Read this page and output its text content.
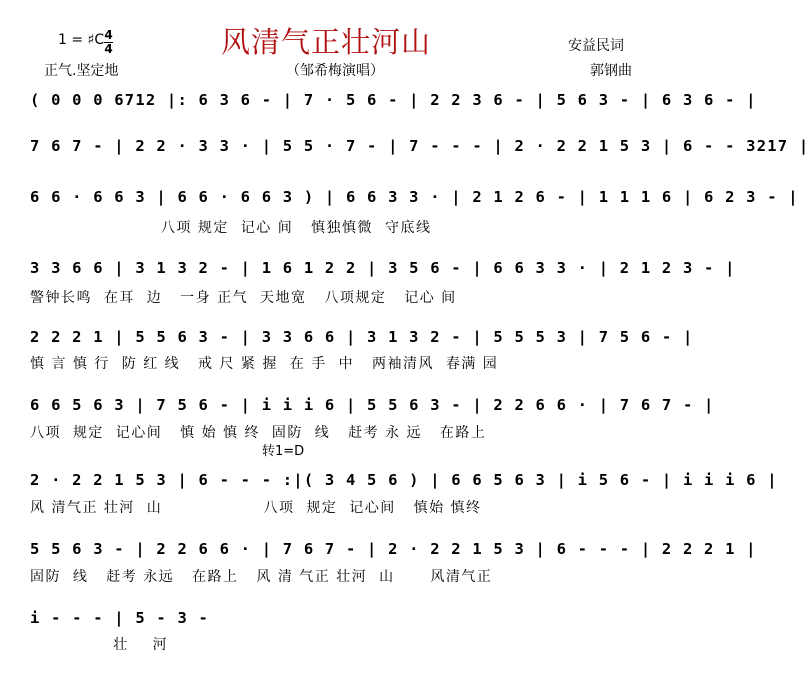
1 = ♯C 4
4	风清气正壮河山	安益民词
郭钢曲
正气.坚定地	（邹希梅演唱）
( 0 0 0 6712 |: 6 3 6 - | 7 · 5 6 - | 2 2 3 6 - | 5 6 3 - | 6 3 6 - |
7 6 7 - | 2 2 · 3 3 · | 5 5 · 7 - | 7 - - - | 2 · 2 2 1 5 3 | 6 - - 3217 |
6 6 · 6 6 3 | 6 6 · 6 6 3 ) | 6 6 3 3 · | 2 1 2 6 - | 1 1 1 6 | 6 2 3 - |
八项 规定  记心 间   慎独慎微  守底线
3 3 6 6 | 3 1 3 2 - | 1 6 1 2 2 | 3 5 6 - | 6 6 3 3 · | 2 1 2 3 - |
警钟长鸣  在耳  边   一身 正气  天地宽   八项规定   记心 间
2 2 2 1 | 5 5 6 3 - | 3 3 6 6 | 3 1 3 2 - | 5 5 5 3 | 7 5 6 - |
慎 言 慎 行  防 红 线   戒 尺 紧 握  在 手  中   两袖清风  春满 园
6 6 5 6 3 | 7 5 6 - | i i i 6 | 5 5 6 3 - | 2 2 6 6 · | 7 6 7 - |
八项  规定  记心间   慎 始 慎 终  固防  线   赶考 永 远   在路上
转1=D
2 · 2 2 1 5 3 | 6 - - - :|( 3 4 5 6 ) | 6 6 5 6 3 | i 5 6 - | i i i 6 |
风 清气正 壮河  山                 八项  规定  记心间   慎始 慎终
5 5 6 3 - | 2 2 6 6 · | 7 6 7 - | 2 · 2 2 1 5 3 | 6 - - - | 2 2 2 1 |
固防  线   赶考 永远   在路上   风 清 气正 壮河  山      风清气正
i - - - | 5 - 3 -
壮    河
